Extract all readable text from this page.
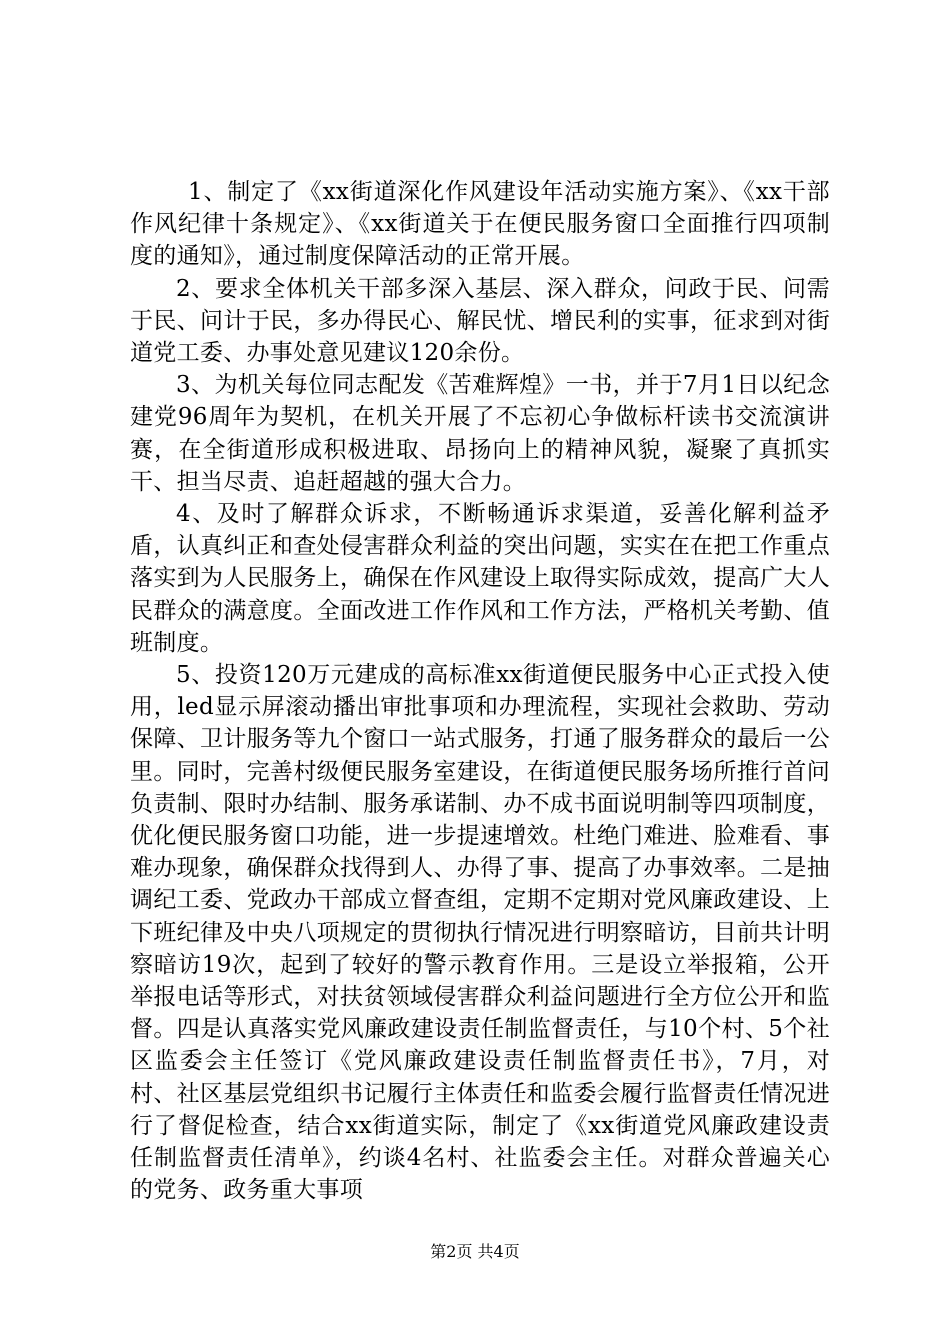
1、制定了《xx街道深化作风建设年活动实施方案》、《xx干部作风纪律十条规定》、《xx街道关于在便民服务窗口全面推行四项制度的通知》，通过制度保障活动的正常开展。

2、要求全体机关干部多深入基层、深入群众，问政于民、问需于民、问计于民，多办得民心、解民忧、增民利的实事，征求到对街道党工委、办事处意见建议120余份。

3、为机关每位同志配发《苦难辉煌》一书，并于7月1日以纪念建党96周年为契机，在机关开展了不忘初心争做标杆读书交流演讲赛，在全街道形成积极进取、昂扬向上的精神风貌，凝聚了真抓实干、担当尽责、追赶超越的强大合力。

4、及时了解群众诉求，不断畅通诉求渠道，妥善化解利益矛盾，认真纠正和查处侵害群众利益的突出问题，实实在在把工作重点落实到为人民服务上，确保在作风建设上取得实际成效，提高广大人民群众的满意度。全面改进工作作风和工作方法，严格机关考勤、值班制度。

5、投资120万元建成的高标准xx街道便民服务中心正式投入使用，led显示屏滚动播出审批事项和办理流程，实现社会救助、劳动保障、卫计服务等九个窗口一站式服务，打通了服务群众的最后一公里。同时，完善村级便民服务室建设，在街道便民服务场所推行首问负责制、限时办结制、服务承诺制、办不成书面说明制等四项制度，优化便民服务窗口功能，进一步提速增效。杜绝门难进、脸难看、事难办现象，确保群众找得到人、办得了事、提高了办事效率。二是抽调纪工委、党政办干部成立督查组，定期不定期对党风廉政建设、上下班纪律及中央八项规定的贯彻执行情况进行明察暗访，目前共计明察暗访19次，起到了较好的警示教育作用。三是设立举报箱，公开举报电话等形式，对扶贫领域侵害群众利益问题进行全方位公开和监督。四是认真落实党风廉政建设责任制监督责任，与10个村、5个社区监委会主任签订《党风廉政建设责任制监督责任书》，7月，对村、社区基层党组织书记履行主体责任和监委会履行监督责任情况进行了督促检查，结合xx街道实际，制定了《xx街道党风廉政建设责任制监督责任清单》，约谈4名村、社监委会主任。对群众普遍关心的党务、政务重大事项

第2页 共4页
